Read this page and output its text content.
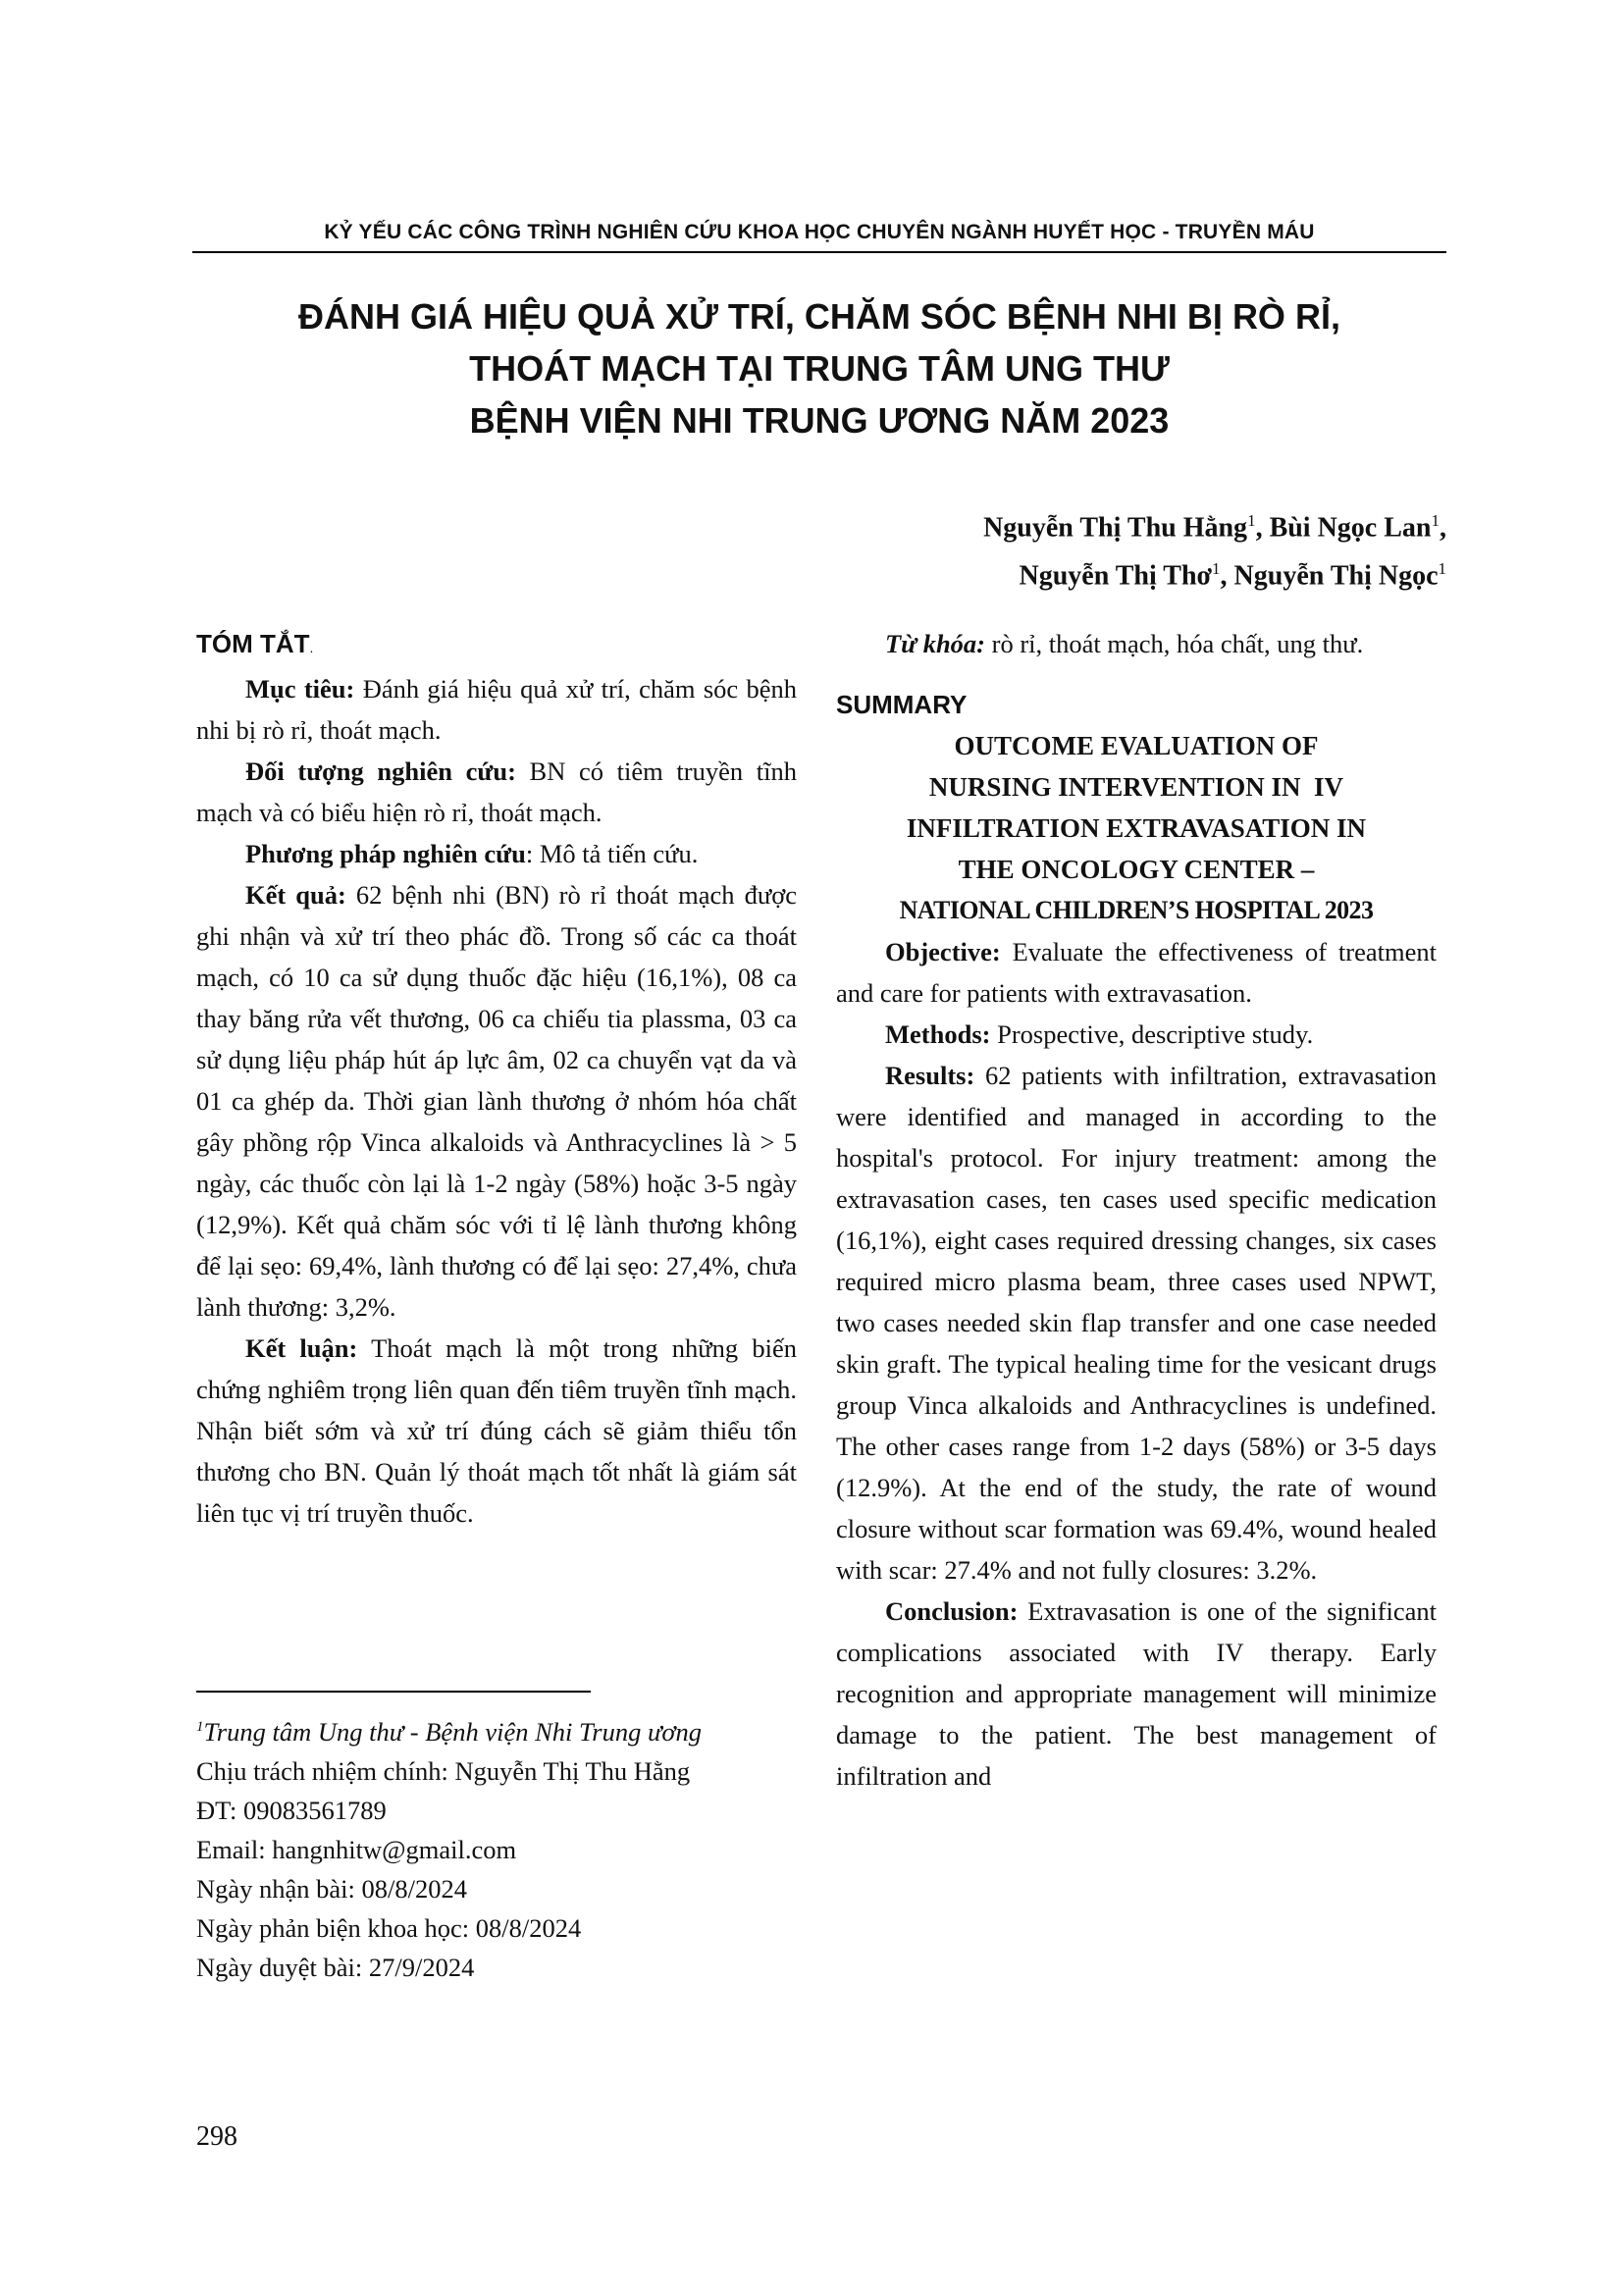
KỶ YẾU CÁC CÔNG TRÌNH NGHIÊN CỨU KHOA HỌC CHUYÊN NGÀNH HUYẾT HỌC - TRUYỀN MÁU
ĐÁNH GIÁ HIỆU QUẢ XỬ TRÍ, CHĂM SÓC BỆNH NHI BỊ RÒ RỈ,
THOÁT MẠCH TẠI TRUNG TÂM UNG THƯ
BỆNH VIỆN NHI TRUNG ƯƠNG NĂM 2023
Nguyễn Thị Thu Hằng$^1$, Bùi Ngọc Lan$^1$,
Nguyễn Thị Thơ$^1$, Nguyễn Thị Ngọc$^1$
TÓM TẮT.

Mục tiêu: Đánh giá hiệu quả xử trí, chăm sóc bệnh nhi bị rò rỉ, thoát mạch.

Đối tượng nghiên cứu: BN có tiêm truyền tĩnh mạch và có biểu hiện rò rỉ, thoát mạch.

Phương pháp nghiên cứu: Mô tả tiến cứu.

Kết quả: 62 bệnh nhi (BN) rò rỉ thoát mạch được ghi nhận và xử trí theo phác đồ. Trong số các ca thoát mạch, có 10 ca sử dụng thuốc đặc hiệu (16,1%), 08 ca thay băng rửa vết thương, 06 ca chiếu tia plassma, 03 ca sử dụng liệu pháp hút áp lực âm, 02 ca chuyển vạt da và 01 ca ghép da. Thời gian lành thương ở nhóm hóa chất gây phồng rộp Vinca alkaloids và Anthracyclines là > 5 ngày, các thuốc còn lại là 1-2 ngày (58%) hoặc 3-5 ngày (12,9%). Kết quả chăm sóc với tỉ lệ lành thương không để lại sẹo: 69,4%, lành thương có để lại sẹo: 27,4%, chưa lành thương: 3,2%.

Kết luận: Thoát mạch là một trong những biến chứng nghiêm trọng liên quan đến tiêm truyền tĩnh mạch. Nhận biết sớm và xử trí đúng cách sẽ giảm thiểu tổn thương cho BN. Quản lý thoát mạch tốt nhất là giám sát liên tục vị trí truyền thuốc.

Từ khóa: rò rỉ, thoát mạch, hóa chất, ung thư.

SUMMARY
OUTCOME EVALUATION OF
NURSING INTERVENTION IN  IV
INFILTRATION EXTRAVASATION IN
THE ONCOLOGY CENTER –
NATIONAL CHILDREN’S HOSPITAL 2023

Objective: Evaluate the effectiveness of treatment and care for patients with extravasation.

Methods: Prospective, descriptive study.

Results: 62 patients with infiltration, extravasation were identified and managed in according to the hospital's protocol. For injury treatment: among the extravasation cases, ten cases used specific medication (16,1%), eight cases required dressing changes, six cases required micro plasma beam, three cases used NPWT, two cases needed skin flap transfer and one case needed skin graft. The typical healing time for the vesicant drugs group Vinca alkaloids and Anthracyclines is undefined. The other cases range from 1-2 days (58%) or 3-5 days (12.9%). At the end of the study, the rate of wound closure without scar formation was 69.4%, wound healed with scar: 27.4% and not fully closures: 3.2%.

Conclusion: Extravasation is one of the significant complications associated with IV therapy. Early recognition and appropriate management will minimize damage to the patient. The best management of infiltration and

$^1$Trung tâm Ung thư - Bệnh viện Nhi Trung ương
Chịu trách nhiệm chính: Nguyễn Thị Thu Hằng
ĐT: 09083561789
Email: hangnhitw@gmail.com
Ngày nhận bài: 08/8/2024
Ngày phản biện khoa học: 08/8/2024
Ngày duyệt bài: 27/9/2024
298
